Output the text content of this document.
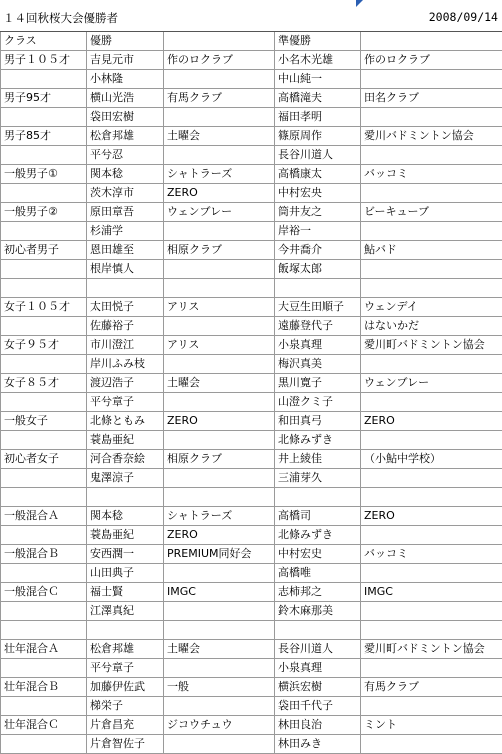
１４回秋桜大会優勝者	2008/09/14
クラス	優勝		準優勝	
男子１０５才	吉見元市	作のロクラブ	小名木光雄	作のロクラブ
	小林隆		中山純一	
男子95才	横山光浩	有馬クラブ	高橋滝夫	田名クラブ
	袋田宏樹		福田孝明	
男子85才	松倉邦雄	土曜会	篠原周作	愛川バドミントン協会
	平兮忍		長谷川道人	
一般男子①	関本稔	シャトラーズ	高橋康太	バッコミ
	茨木淳市	ZERO	中村宏央	
一般男子②	原田章吾	ウェンブレー	筒井友之	ビーキューブ
	杉浦学		岸裕一	
初心者男子	恩田雄至	相原クラブ	今井喬介	鮎バド
	根岸慎人		飯塚太郎	

女子１０５才	太田悦子	アリス	大豆生田順子	ウェンデイ
	佐藤裕子		遠藤登代子	はないかだ
女子９５才	市川澄江	アリス	小泉真理	愛川町バドミントン協会
	岸川ふみ枝		梅沢真美	
女子８５才	渡辺浩子	土曜会	黒川寛子	ウェンブレー
	平兮章子		山澄クミ子	
一般女子	北條ともみ	ZERO	和田真弓	ZERO
	蓑島亜紀		北條みずき	
初心者女子	河合香奈絵	相原クラブ	井上綾佳	（小鮎中学校）
	鬼澤涼子		三浦芽久	

一般混合Ａ	関本稔	シャトラーズ	高橋司	ZERO
	蓑島亜紀	ZERO	北條みずき	
一般混合Ｂ	安西潤一	PREMIUM同好会	中村宏史	バッコミ
	山田典子		高橋唯	
一般混合Ｃ	福士賢	IMGC	志柿邦之	IMGC
	江澤真紀		鈴木麻那美	

壮年混合Ａ	松倉邦雄	土曜会	長谷川道人	愛川町バドミントン協会
	平兮章子		小泉真理	
壮年混合Ｂ	加藤伊佐武	一般	横浜宏樹	有馬クラブ
	梯栄子		袋田千代子	
壮年混合Ｃ	片倉昌充	ジコウチュウ	林田良治	ミント
	片倉智佐子		林田みき	
